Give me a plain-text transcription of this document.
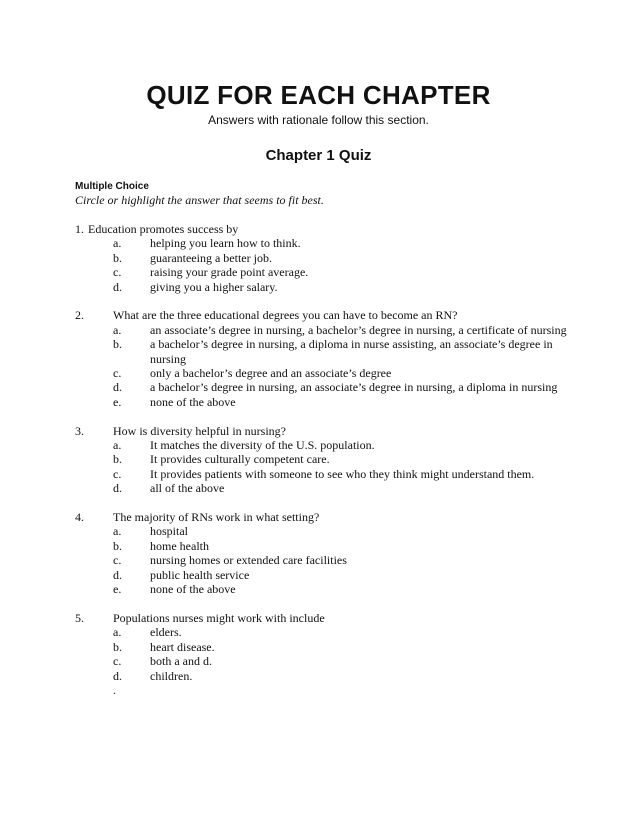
QUIZ FOR EACH CHAPTER
Answers with rationale follow this section.
Chapter 1 Quiz
Multiple Choice
Circle or highlight the answer that seems to fit best.
1. Education promotes success by
a.	helping you learn how to think.
b.	guaranteeing a better job.
c.	raising your grade point average.
d.	giving you a higher salary.
2.	What are the three educational degrees you can have to become an RN?
a.	an associate’s degree in nursing, a bachelor’s degree in nursing, a certificate of nursing
b.	a bachelor’s degree in nursing, a diploma in nurse assisting, an associate’s degree in nursing
c.	only a bachelor’s degree and an associate’s degree
d.	a bachelor’s degree in nursing, an associate’s degree in nursing, a diploma in nursing
e.	none of the above
3.	How is diversity helpful in nursing?
a.	It matches the diversity of the U.S. population.
b.	It provides culturally competent care.
c.	It provides patients with someone to see who they think might understand them.
d.	all of the above
4.	The majority of RNs work in what setting?
a.	hospital
b.	home health
c.	nursing homes or extended care facilities
d.	public health service
e.	none of the above
5.	Populations nurses might work with include
a.	elders.
b.	heart disease.
c.	both a and d.
d.	children.
.
